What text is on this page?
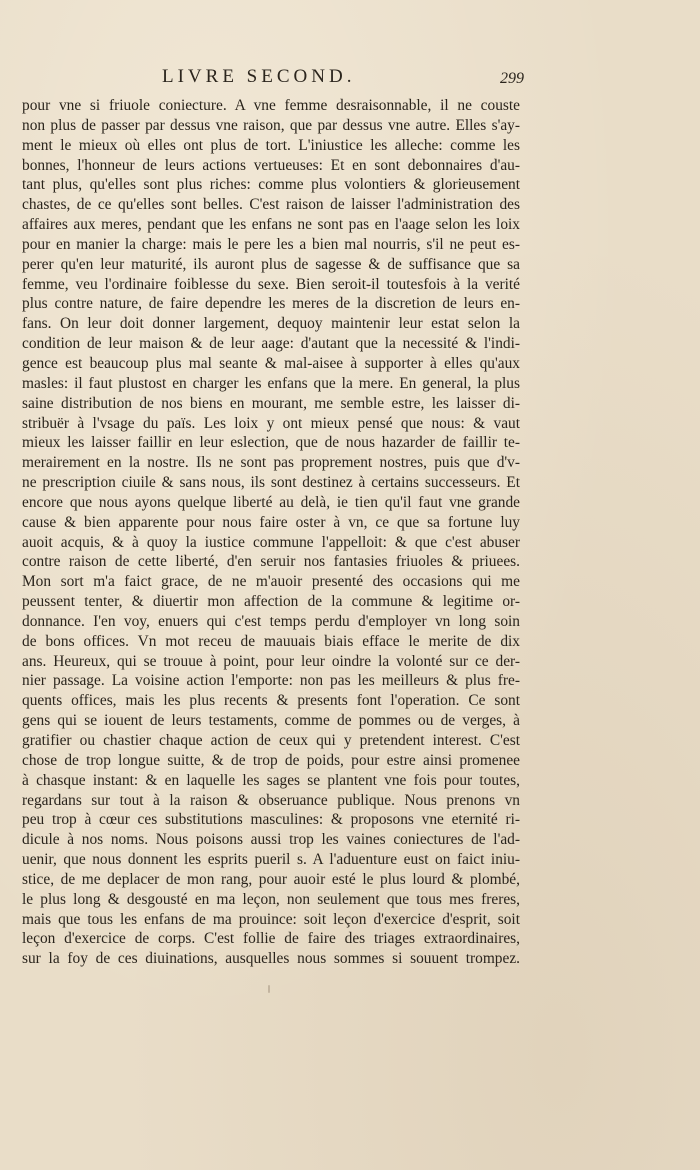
LIVRE SECOND.	299
pour vne si friuole coniecture. A vne femme desraisonnable, il ne couste
non plus de passer par dessus vne raison, que par dessus vne autre. Elles s'ay-
ment le mieux où elles ont plus de tort. L'iniustice les alleche: comme les
bonnes, l'honneur de leurs actions vertueuses: Et en sont debonnaires d'au-
tant plus, qu'elles sont plus riches: comme plus volontiers & glorieusement
chastes, de ce qu'elles sont belles. C'est raison de laisser l'administration des
affaires aux meres, pendant que les enfans ne sont pas en l'aage selon les loix
pour en manier la charge: mais le pere les a bien mal nourris, s'il ne peut es-
perer qu'en leur maturité, ils auront plus de sagesse & de suffisance que sa
femme, veu l'ordinaire foiblesse du sexe. Bien seroit-il toutesfois à la verité
plus contre nature, de faire dependre les meres de la discretion de leurs en-
fans. On leur doit donner largement, dequoy maintenir leur estat selon la
condition de leur maison & de leur aage: d'autant que la necessité & l'indi-
gence est beaucoup plus mal seante & mal-aisee à supporter à elles qu'aux
masles: il faut plustost en charger les enfans que la mere. En general, la plus
saine distribution de nos biens en mourant, me semble estre, les laisser di-
stribuër à l'vsage du païs. Les loix y ont mieux pensé que nous: & vaut
mieux les laisser faillir en leur eslection, que de nous hazarder de faillir te-
merairement en la nostre. Ils ne sont pas proprement nostres, puis que d'v-
ne prescription ciuile & sans nous, ils sont destinez à certains successeurs. Et
encore que nous ayons quelque liberté au delà, ie tien qu'il faut vne grande
cause & bien apparente pour nous faire oster à vn, ce que sa fortune luy
auoit acquis, & à quoy la iustice commune l'appelloit: & que c'est abuser
contre raison de cette liberté, d'en seruir nos fantasies friuoles & priuees.
Mon sort m'a faict grace, de ne m'auoir presenté des occasions qui me
peussent tenter, & diuertir mon affection de la commune & legitime or-
donnance. I'en voy, enuers qui c'est temps perdu d'employer vn long soin
de bons offices. Vn mot receu de mauuais biais efface le merite de dix
ans. Heureux, qui se trouue à point, pour leur oindre la volonté sur ce der-
nier passage. La voisine action l'emporte: non pas les meilleurs & plus fre-
quents offices, mais les plus recents & presents font l'operation. Ce sont
gens qui se iouent de leurs testaments, comme de pommes ou de verges, à
gratifier ou chastier chaque action de ceux qui y pretendent interest. C'est
chose de trop longue suitte, & de trop de poids, pour estre ainsi promenee
à chasque instant: & en laquelle les sages se plantent vne fois pour toutes,
regardans sur tout à la raison & obseruance publique. Nous prenons vn
peu trop à cœur ces substitutions masculines: & proposons vne eternité ri-
dicule à nos noms. Nous poisons aussi trop les vaines coniectures de l'ad-
uenir, que nous donnent les esprits pueril s. A l'aduenture eust on faict iniu-
stice, de me deplacer de mon rang, pour auoir esté le plus lourd & plombé,
le plus long & desgousté en ma leçon, non seulement que tous mes freres,
mais que tous les enfans de ma prouince: soit leçon d'exercice d'esprit, soit
leçon d'exercice de corps. C'est follie de faire des triages extraordinaires,
sur la foy de ces diuinations, ausquelles nous sommes si souuent trompez.
